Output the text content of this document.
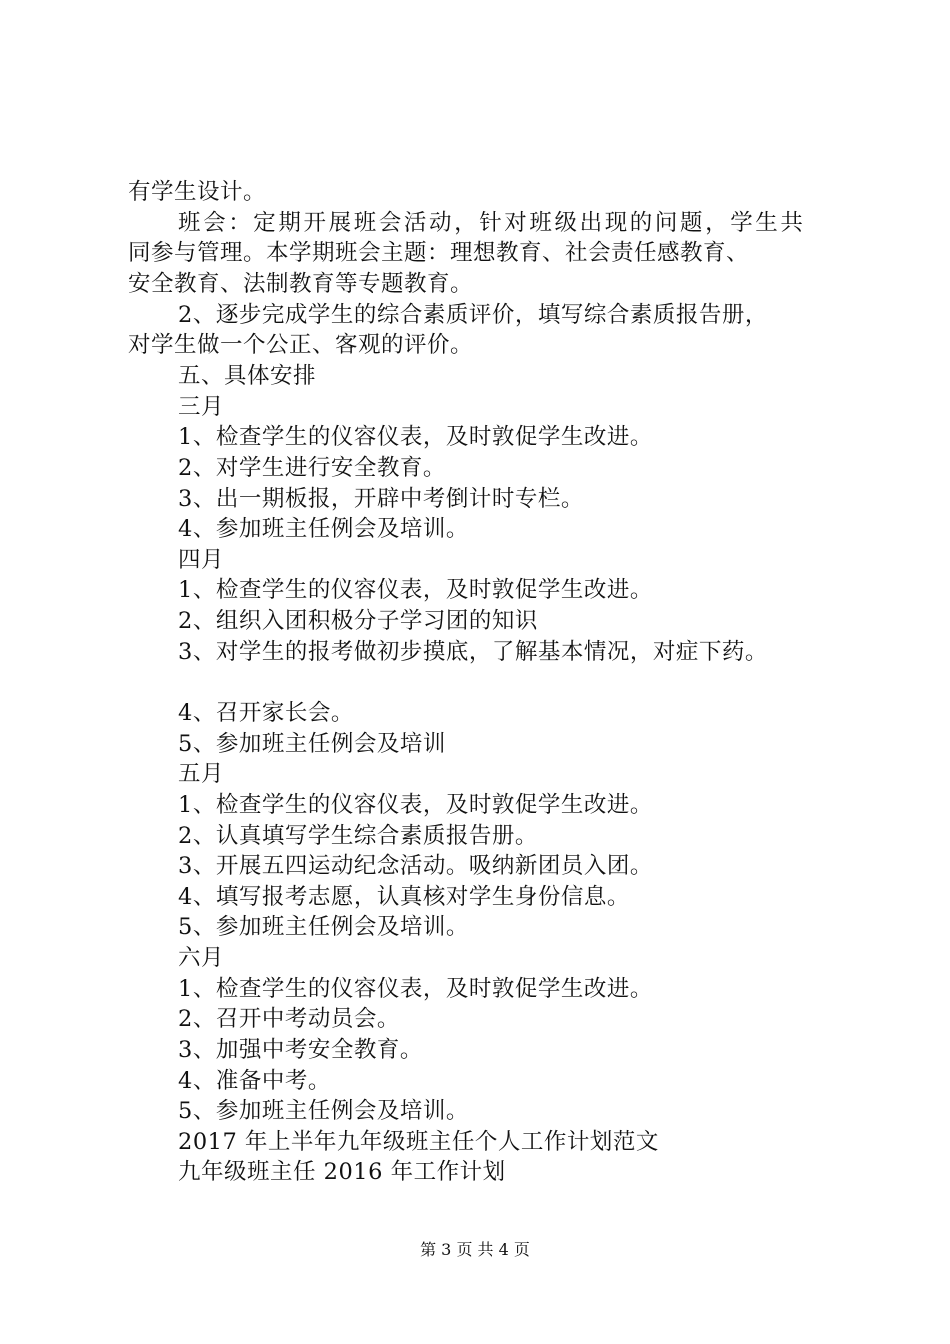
有学生设计。
班会：定期开展班会活动，针对班级出现的问题，学生共
同参与管理。本学期班会主题：理想教育、社会责任感教育、
安全教育、法制教育等专题教育。
2、逐步完成学生的综合素质评价，填写综合素质报告册，
对学生做一个公正、客观的评价。
五、具体安排
三月
1、检查学生的仪容仪表，及时敦促学生改进。
2、对学生进行安全教育。
3、出一期板报，开辟中考倒计时专栏。
4、参加班主任例会及培训。
四月
1、检查学生的仪容仪表，及时敦促学生改进。
2、组织入团积极分子学习团的知识
3、对学生的报考做初步摸底，了解基本情况，对症下药。
4、召开家长会。
5、参加班主任例会及培训
五月
1、检查学生的仪容仪表，及时敦促学生改进。
2、认真填写学生综合素质报告册。
3、开展五四运动纪念活动。吸纳新团员入团。
4、填写报考志愿，认真核对学生身份信息。
5、参加班主任例会及培训。
六月
1、检查学生的仪容仪表，及时敦促学生改进。
2、召开中考动员会。
3、加强中考安全教育。
4、准备中考。
5、参加班主任例会及培训。
2017 年上半年九年级班主任个人工作计划范文
九年级班主任 2016 年工作计划
第 3 页 共 4 页
